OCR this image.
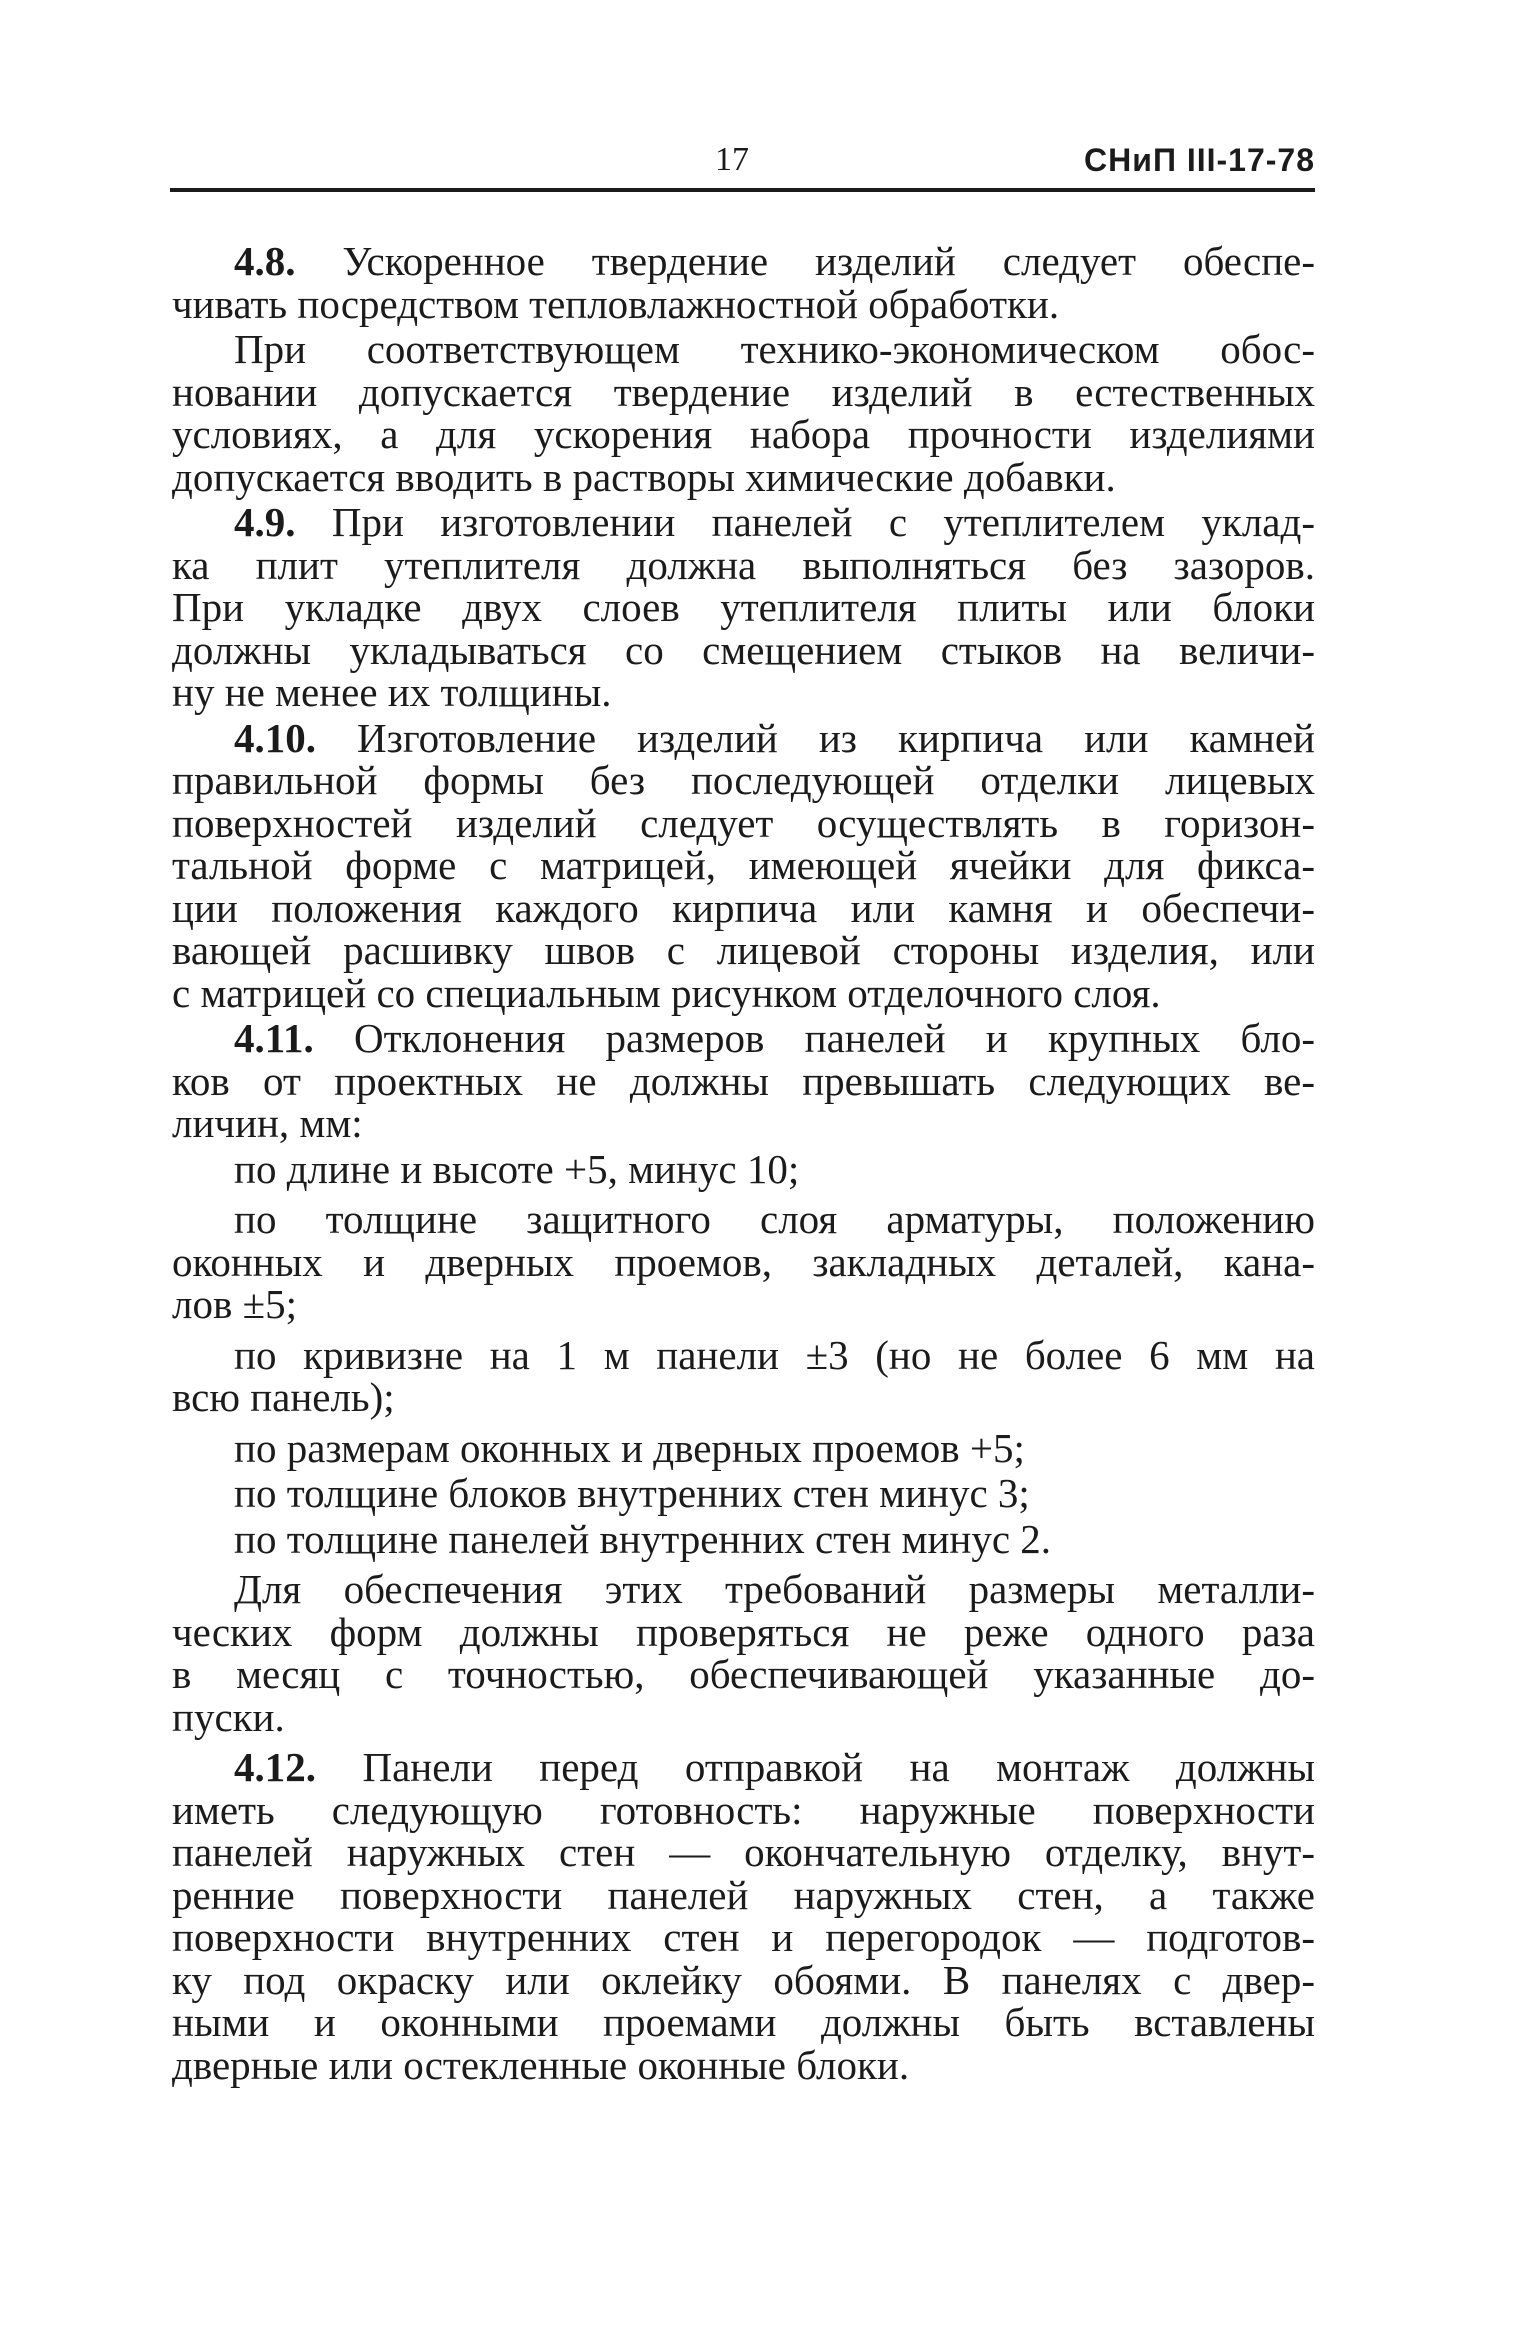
17	СНиП ІІІ-17-78
4.8. Ускоренное твердение изделий следует обеспе-
чивать посредством тепловлажностной обработки.
При соответствующем технико-экономическом обос-
новании допускается твердение изделий в естественных
условиях, а для ускорения набора прочности изделиями
допускается вводить в растворы химические добавки.
4.9. При изготовлении панелей с утеплителем уклад-
ка плит утеплителя должна выполняться без зазоров.
При укладке двух слоев утеплителя плиты или блоки
должны укладываться со смещением стыков на величи-
ну не менее их толщины.
4.10. Изготовление изделий из кирпича или камней
правильной формы без последующей отделки лицевых
поверхностей изделий следует осуществлять в горизон-
тальной форме с матрицей, имеющей ячейки для фикса-
ции положения каждого кирпича или камня и обеспечи-
вающей расшивку швов с лицевой стороны изделия, или
с матрицей со специальным рисунком отделочного слоя.
4.11. Отклонения размеров панелей и крупных бло-
ков от проектных не должны превышать следующих ве-
личин, мм:
по длине и высоте +5, минус 10;
по толщине защитного слоя арматуры, положению
оконных и дверных проемов, закладных деталей, кана-
лов ±5;
по кривизне на 1 м панели ±3 (но не более 6 мм на
всю панель);
по размерам оконных и дверных проемов +5;
по толщине блоков внутренних стен минус 3;
по толщине панелей внутренних стен минус 2.
Для обеспечения этих требований размеры металли-
ческих форм должны проверяться не реже одного раза
в месяц с точностью, обеспечивающей указанные до-
пуски.
4.12. Панели перед отправкой на монтаж должны
иметь следующую готовность: наружные поверхности
панелей наружных стен — окончательную отделку, внут-
ренние поверхности панелей наружных стен, а также
поверхности внутренних стен и перегородок — подготов-
ку под окраску или оклейку обоями. В панелях с двер-
ными и оконными проемами должны быть вставлены
дверные или остекленные оконные блоки.
